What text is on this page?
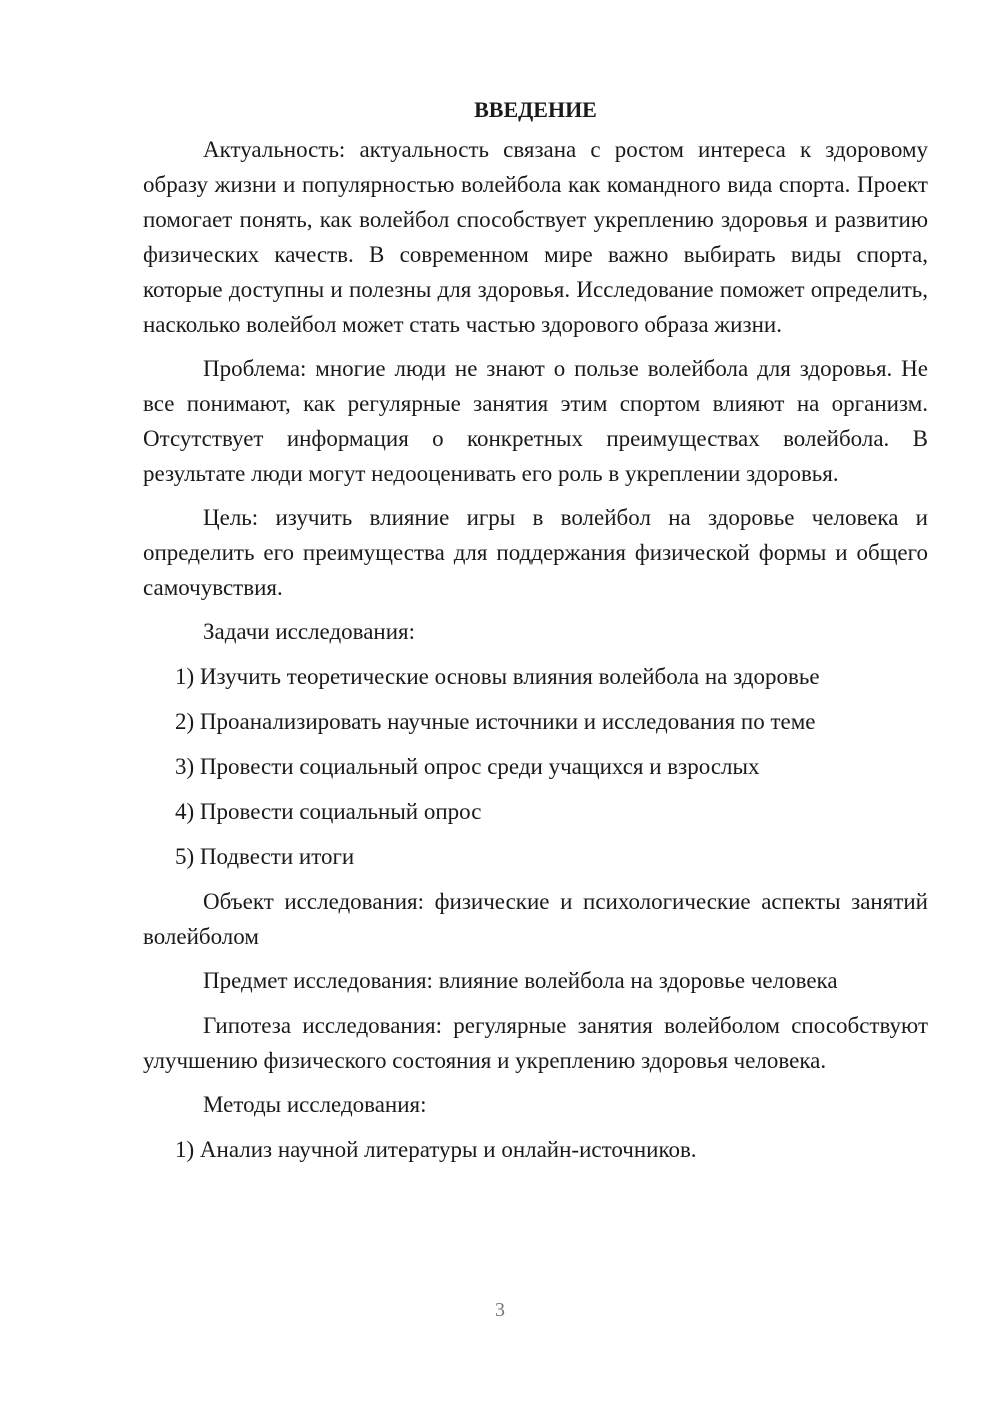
ВВЕДЕНИЕ

Актуальность: актуальность связана с ростом интереса к здоровому образу жизни и популярностью волейбола как командного вида спорта. Проект помогает понять, как волейбол способствует укреплению здоровья и развитию физических качеств. В современном мире важно выбирать виды спорта, которые доступны и полезны для здоровья. Исследование поможет определить, насколько волейбол может стать частью здорового образа жизни.

Проблема: многие люди не знают о пользе волейбола для здоровья. Не все понимают, как регулярные занятия этим спортом влияют на организм. Отсутствует информация о конкретных преимуществах волейбола. В результате люди могут недооценивать его роль в укреплении здоровья.

Цель: изучить влияние игры в волейбол на здоровье человека и определить его преимущества для поддержания физической формы и общего самочувствия.

Задачи исследования:

1) Изучить теоретические основы влияния волейбола на здоровье

2) Проанализировать научные источники и исследования по теме

3) Провести социальный опрос среди учащихся и взрослых

4) Провести социальный опрос

5) Подвести итоги

Объект исследования: физические и психологические аспекты занятий волейболом

Предмет исследования: влияние волейбола на здоровье человека

Гипотеза исследования: регулярные занятия волейболом способствуют улучшению физического состояния и укреплению здоровья человека.

Методы исследования:

1) Анализ научной литературы и онлайн-источников.

3
